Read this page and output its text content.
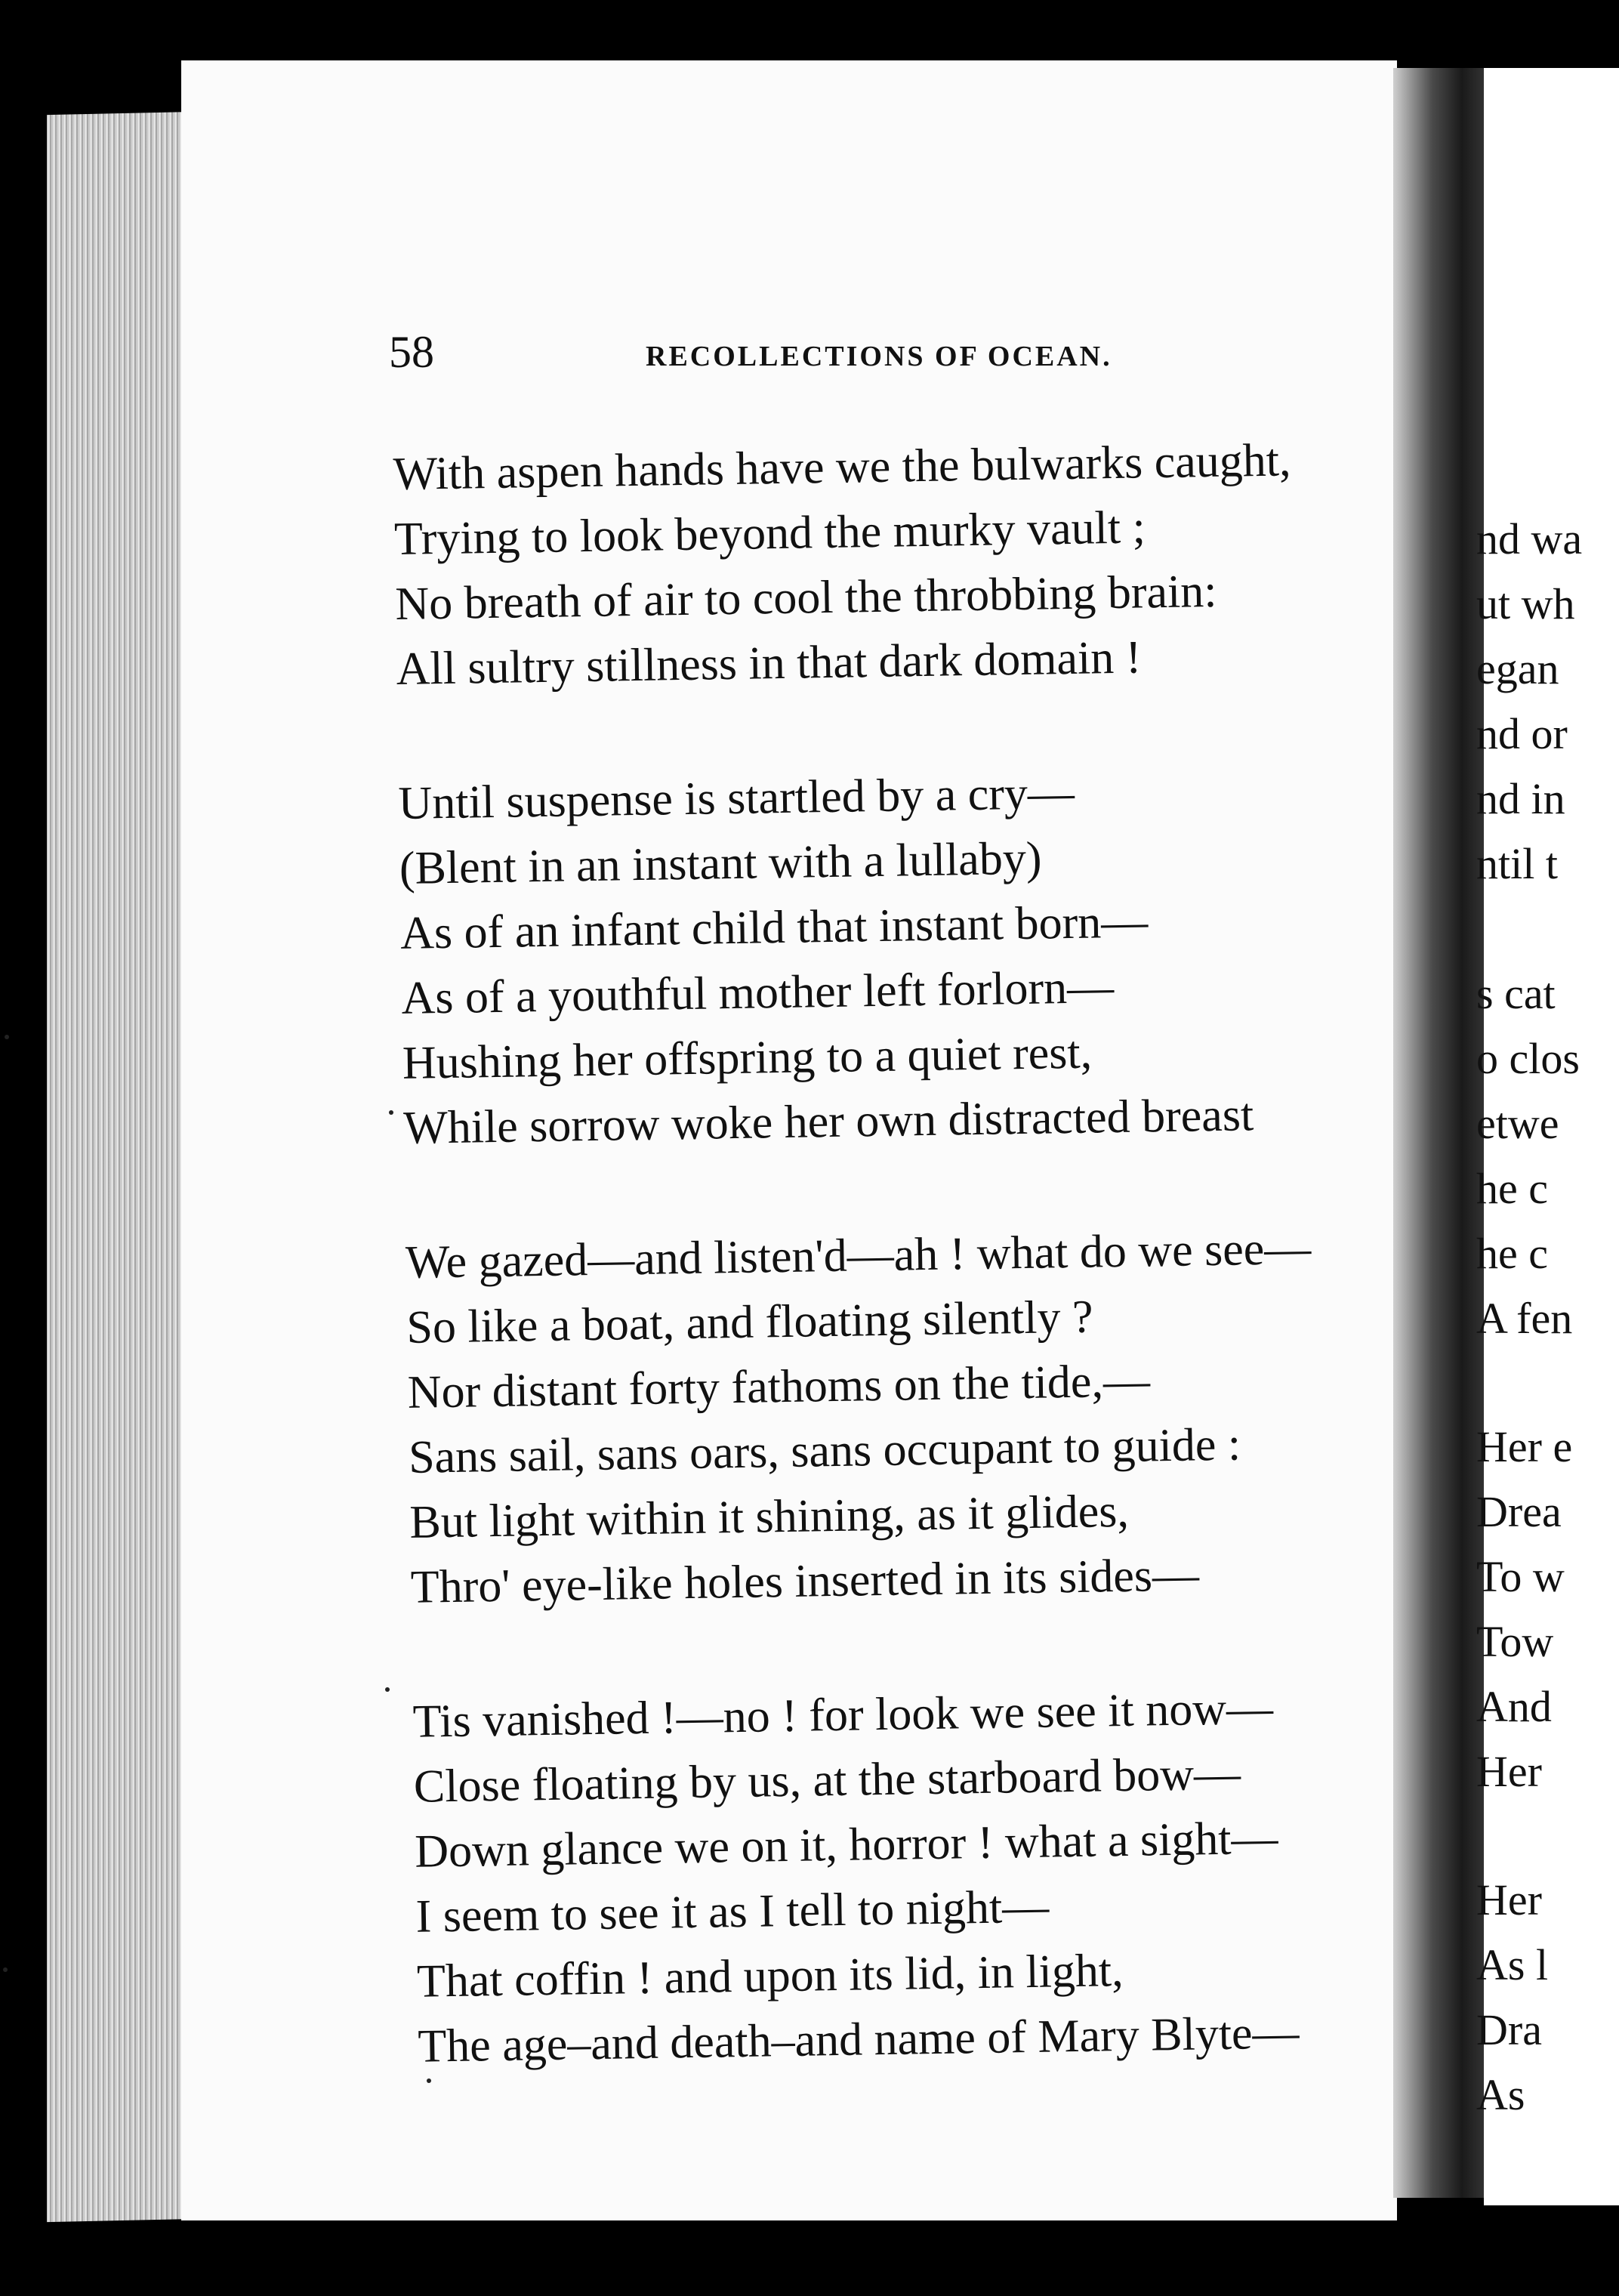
58	RECOLLECTIONS OF OCEAN.
With aspen hands have we the bulwarks caught,
Trying to look beyond the murky vault ;
No breath of air to cool the throbbing brain:
All sultry stillness in that dark domain !
Until suspense is startled by a cry—
(Blent in an instant with a lullaby)
As of an infant child that instant born—
As of a youthful mother left forlorn—
Hushing her offspring to a quiet rest,
While sorrow woke her own distracted breast
We gazed—and listen'd—ah ! what do we see—
So like a boat, and floating silently ?
Nor distant forty fathoms on the tide,—
Sans sail, sans oars, sans occupant to guide :
But light within it shining, as it glides,
Thro' eye-like holes inserted in its sides—
Tis vanished !—no ! for look we see it now—
Close floating by us, at the starboard bow—
Down glance we on it, horror ! what a sight—
I seem to see it as I tell to night—
That coffin ! and upon its lid, in light,
The age–and death–and name of Mary Blyte—
nd wa
ut wh
egan
nd or
nd in
ntil t
s cat
o clos
etwe
he c
he c
A fen
Her e
Drea
To w
Tow
And
Her
Her
As l
Dra
As
